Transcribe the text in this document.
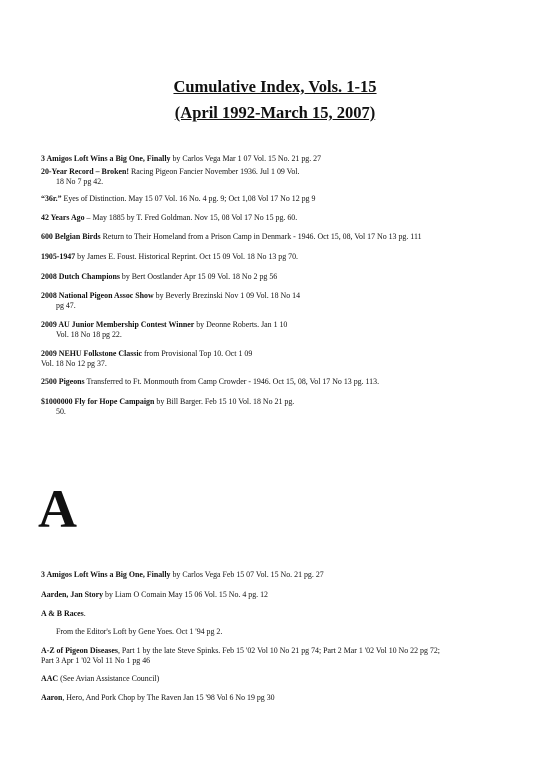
Cumulative Index, Vols. 1-15
(April 1992-March 15, 2007)

3 Amigos Loft Wins a Big One, Finally by Carlos Vega Mar 1 07 Vol. 15 No. 21 pg. 27

20-Year Record – Broken! Racing Pigeon Fancier November 1936. Jul 1 09 Vol.
18 No 7 pg 42.

“36r.” Eyes of Distinction. May 15 07 Vol. 16 No. 4 pg. 9; Oct 1,08 Vol 17 No 12 pg 9

42 Years Ago – May 1885 by T. Fred Goldman. Nov 15, 08 Vol 17 No 15 pg. 60.

600 Belgian Birds Return to Their Homeland from a Prison Camp in Denmark - 1946. Oct 15, 08, Vol 17 No 13 pg. 111

1905-1947 by James E. Foust. Historical Reprint. Oct 15 09 Vol. 18 No 13 pg 70.

2008 Dutch Champions by Bert Oostlander Apr 15 09 Vol. 18 No 2 pg 56

2008 National Pigeon Assoc Show by Beverly Brezinski Nov 1 09 Vol. 18 No 14
pg 47.

2009 AU Junior Membership Contest Winner by Deonne Roberts. Jan 1 10
Vol. 18 No 18 pg 22.

2009 NEHU Folkstone Classic from Provisional Top 10. Oct 1 09
Vol. 18 No 12 pg 37.

2500 Pigeons Transferred to Ft. Monmouth from Camp Crowder - 1946. Oct 15, 08, Vol 17 No 13 pg. 113.

$1000000 Fly for Hope Campaign by Bill Barger. Feb 15 10 Vol. 18 No 21 pg.
50.

A

3 Amigos Loft Wins a Big One, Finally by Carlos Vega Feb 15 07 Vol. 15 No. 21 pg. 27

Aarden, Jan Story by Liam O Comain May 15 06 Vol. 15 No. 4 pg. 12

A & B Races.

From the Editor's Loft by Gene Yoes. Oct 1 '94 pg 2.

A-Z of Pigeon Diseases, Part 1 by the late Steve Spinks. Feb 15 '02 Vol 10 No 21 pg 74; Part 2 Mar 1 '02 Vol 10 No 22 pg 72;
Part 3 Apr 1 '02 Vol 11 No 1 pg 46

AAC (See Avian Assistance Council)

Aaron, Hero, And Pork Chop by The Raven Jan 15 '98 Vol 6 No 19 pg 30
